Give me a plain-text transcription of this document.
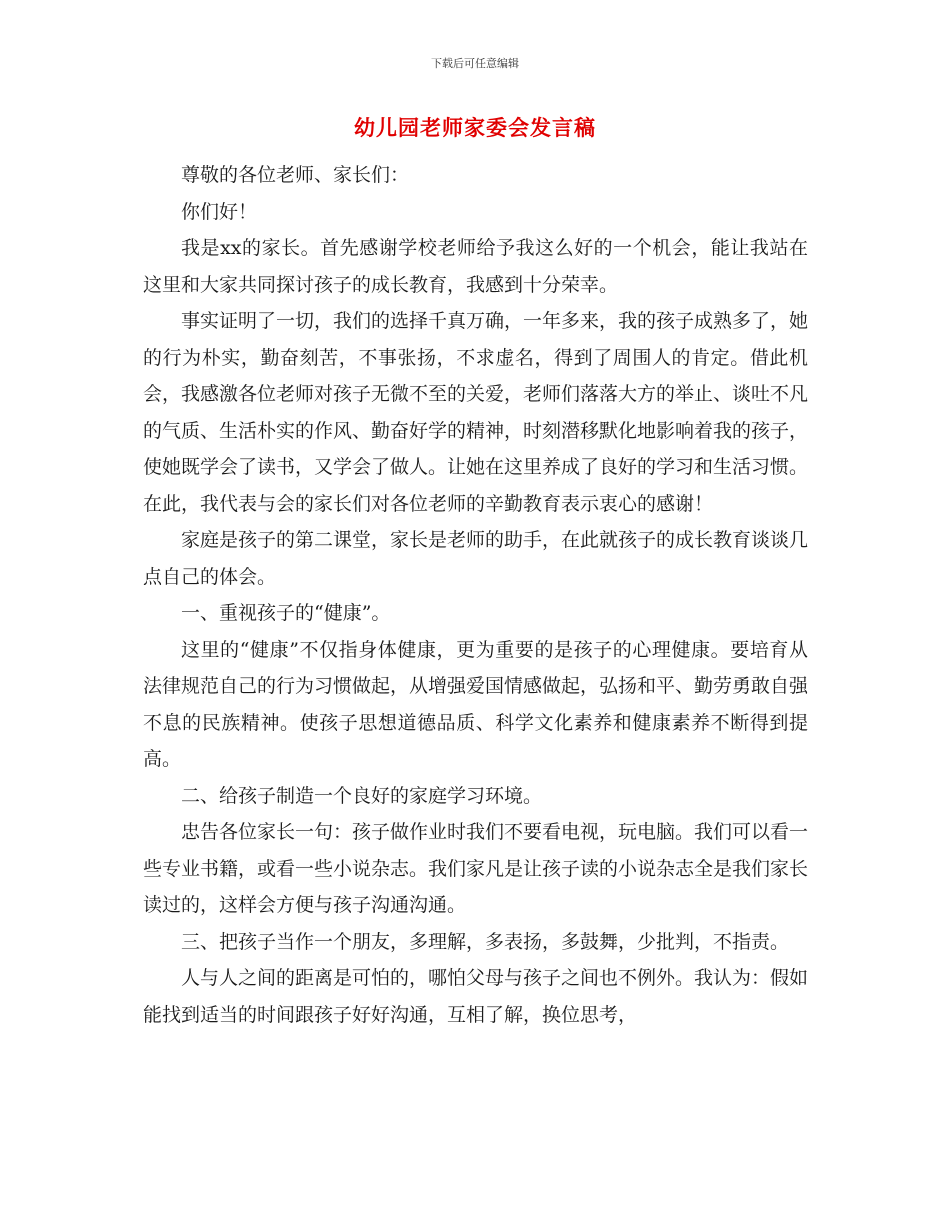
下载后可任意编辑
幼儿园老师家委会发言稿

尊敬的各位老师、家长们：

你们好！

我是xx的家长。首先感谢学校老师给予我这么好的一个机会，能让我站在这里和大家共同探讨孩子的成长教育，我感到十分荣幸。

事实证明了一切，我们的选择千真万确，一年多来，我的孩子成熟多了，她的行为朴实，勤奋刻苦，不事张扬，不求虚名，得到了周围人的肯定。借此机会，我感激各位老师对孩子无微不至的关爱，老师们落落大方的举止、谈吐不凡的气质、生活朴实的作风、勤奋好学的精神，时刻潜移默化地影响着我的孩子，使她既学会了读书，又学会了做人。让她在这里养成了良好的学习和生活习惯。在此，我代表与会的家长们对各位老师的辛勤教育表示衷心的感谢！

家庭是孩子的第二课堂，家长是老师的助手，在此就孩子的成长教育谈谈几点自己的体会。

一、重视孩子的“健康”。

这里的“健康”不仅指身体健康，更为重要的是孩子的心理健康。要培育从法律规范自己的行为习惯做起，从增强爱国情感做起，弘扬和平、勤劳勇敢自强不息的民族精神。使孩子思想道德品质、科学文化素养和健康素养不断得到提高。

二、给孩子制造一个良好的家庭学习环境。

忠告各位家长一句：孩子做作业时我们不要看电视，玩电脑。我们可以看一些专业书籍，或看一些小说杂志。我们家凡是让孩子读的小说杂志全是我们家长读过的，这样会方便与孩子沟通沟通。

三、把孩子当作一个朋友，多理解，多表扬，多鼓舞，少批判，不指责。

人与人之间的距离是可怕的，哪怕父母与孩子之间也不例外。我认为：假如能找到适当的时间跟孩子好好沟通，互相了解，换位思考，
